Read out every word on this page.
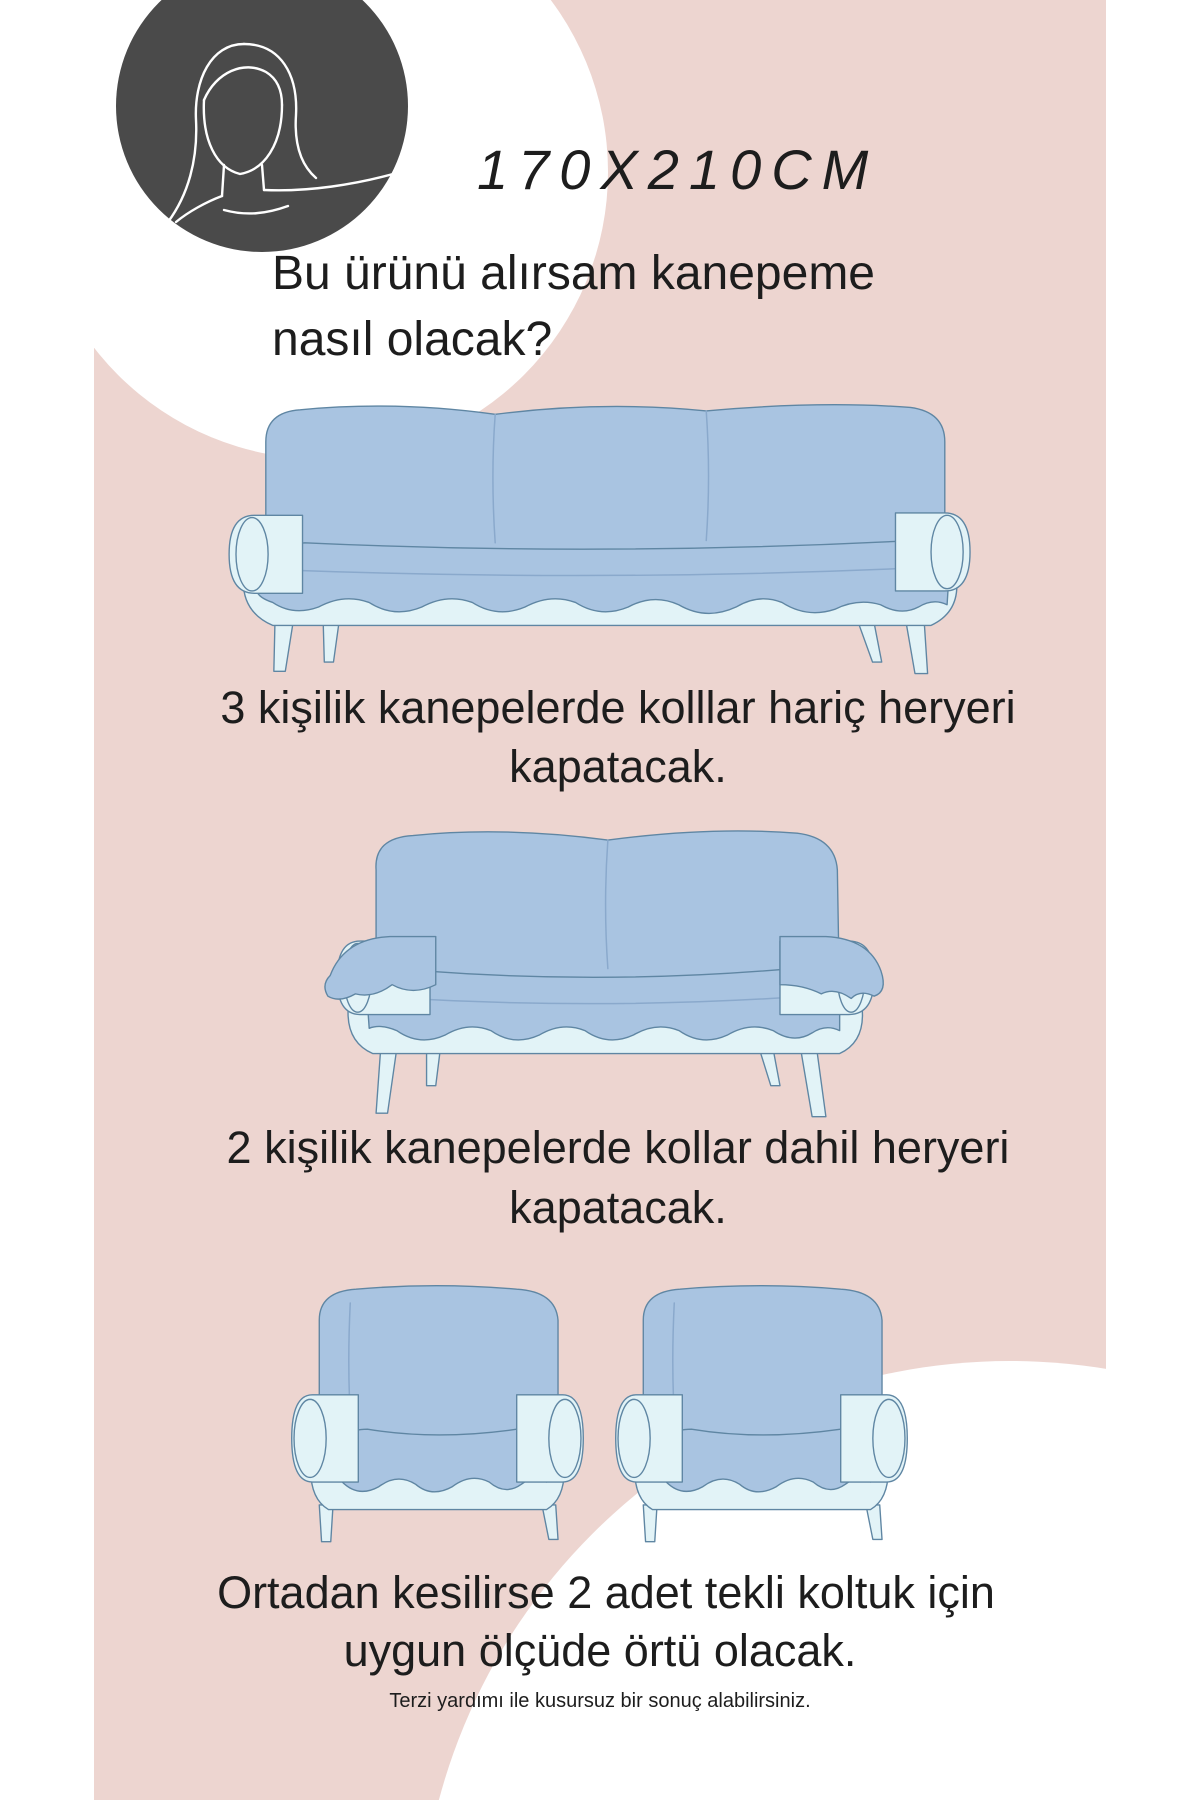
170X210CM
Bu ürünü alırsam kanepeme
nasıl olacak?
3 kişilik kanepelerde kolllar hariç heryeri
kapatacak.
2 kişilik kanepelerde kollar dahil heryeri
kapatacak.
Ortadan kesilirse 2 adet tekli koltuk için
uygun ölçüde örtü olacak.
Terzi yardımı ile kusursuz bir sonuç alabilirsiniz.
